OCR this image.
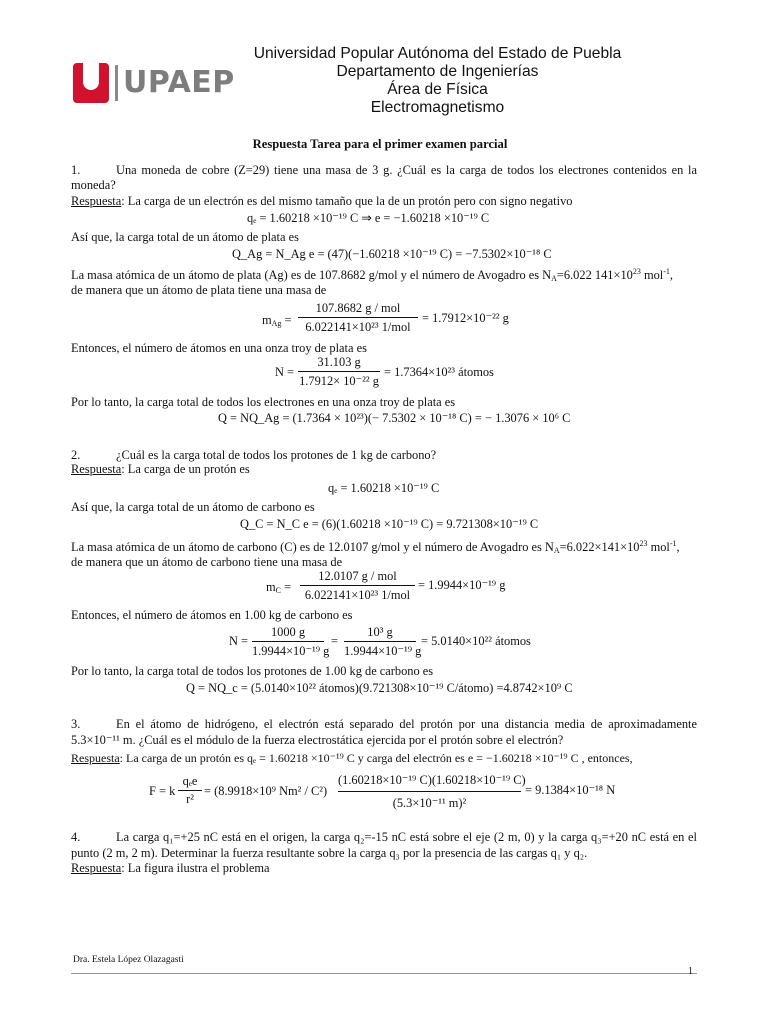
UPAEP
Universidad Popular Autónoma del Estado de Puebla
Departamento de Ingenierías
Área de Física
Electromagnetismo
Respuesta Tarea para el primer examen parcial
1.	Una moneda de cobre (Z=29) tiene una masa de 3 g. ¿Cuál es la carga de todos los electrones contenidos en la
moneda?
Respuesta: La carga de un electrón es del mismo tamaño que la de un protón pero con signo negativo
qₑ = 1.60218 ×10⁻¹⁹ C ⇒ e = −1.60218 ×10⁻¹⁹ C
Así que, la carga total de un átomo de plata es
Q_Ag = N_Ag e = (47)(−1.60218 ×10⁻¹⁹ C) = −7.5302×10⁻¹⁸ C
La masa atómica de un átomo de plata (Ag) es de 107.8682 g/mol y el número de Avogadro es $N_A=6.022$ $141\times 10^{23}$ mol$^{-1}$,
de manera que un átomo de plata tiene una masa de
$m_{Ag}$ =
107.8682 g / mol
6.022141×10²³ 1/mol
= 1.7912×10⁻²² g
Entonces, el número de átomos en una onza troy de plata es
N =
31.103 g
1.7912× 10⁻²² g
= 1.7364×10²³ átomos
Por lo tanto, la carga total de todos los electrones en una onza troy de plata es
Q = NQ_Ag = (1.7364 × 10²³)(− 7.5302 × 10⁻¹⁸ C) = − 1.3076 × 10⁶ C
2.	¿Cuál es la carga total de todos los protones de 1 kg de carbono?
Respuesta: La carga de un protón es
qₑ = 1.60218 ×10⁻¹⁹ C
Así que, la carga total de un átomo de carbono es
Q_C = N_C e = (6)(1.60218 ×10⁻¹⁹ C) = 9.721308×10⁻¹⁹ C
La masa atómica de un átomo de carbono (C) es de 12.0107 g/mol y el número de Avogadro es $N_A=6.022\times 141\times 10^{23}$ mol$^{-1}$,
de manera que un átomo de carbono tiene una masa de
$m_C$ =
12.0107 g / mol
6.022141×10²³ 1/mol
= 1.9944×10⁻¹⁹ g
Entonces, el número de átomos en 1.00 kg de carbono es
N =
1000 g
1.9944×10⁻¹⁹ g
=
10³ g
1.9944×10⁻¹⁹ g
= 5.0140×10²² átomos
Por lo tanto, la carga total de todos los protones de 1.00 kg de carbono es
Q = NQ_c = (5.0140×10²² átomos)(9.721308×10⁻¹⁹ C/átomo) =4.8742×10⁹ C
3.	En el átomo de hidrógeno, el electrón está separado del protón por una distancia media de aproximadamente
5.3×10⁻¹¹ m. ¿Cuál es el módulo de la fuerza electrostática ejercida por el protón sobre el electrón?
Respuesta: La carga de un protón es qₑ = 1.60218 ×10⁻¹⁹ C y carga del electrón es e = −1.60218 ×10⁻¹⁹ C , entonces,
F = k
qₑe
r²
= (8.9918×10⁹ Nm² / C²)
(1.60218×10⁻¹⁹ C)(1.60218×10⁻¹⁹ C)
(5.3×10⁻¹¹ m)²
= 9.1384×10⁻¹⁸ N
4.	La carga q₁=+25 nC está en el origen, la carga q₂=-15 nC está sobre el eje (2 m, 0) y la carga q₃=+20 nC está en el
punto (2 m, 2 m). Determinar la fuerza resultante sobre la carga q₃ por la presencia de las cargas q₁ y q₂.
Respuesta: La figura ilustra el problema
Dra. Estela López Olazagasti
1
